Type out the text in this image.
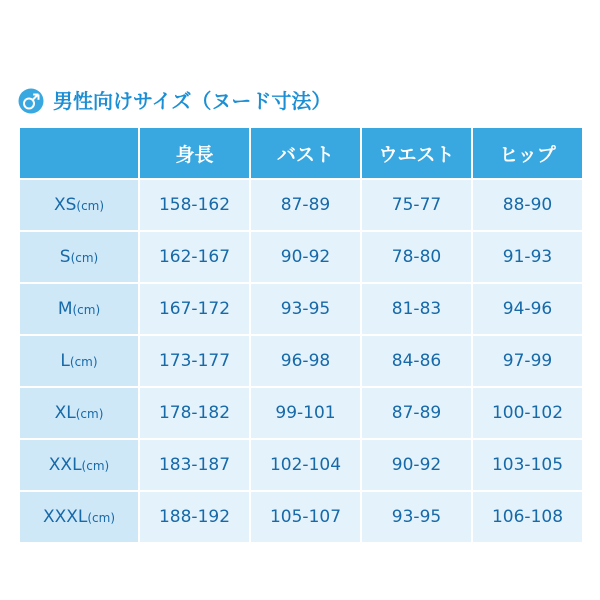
男性向けサイズ（ヌード寸法）
	身長	バスト	ウエスト	ヒップ
XS(cm)	158-162	87-89	75-77	88-90
S(cm)	162-167	90-92	78-80	91-93
M(cm)	167-172	93-95	81-83	94-96
L(cm)	173-177	96-98	84-86	97-99
XL(cm)	178-182	99-101	87-89	100-102
XXL(cm)	183-187	102-104	90-92	103-105
XXXL(cm)	188-192	105-107	93-95	106-108
